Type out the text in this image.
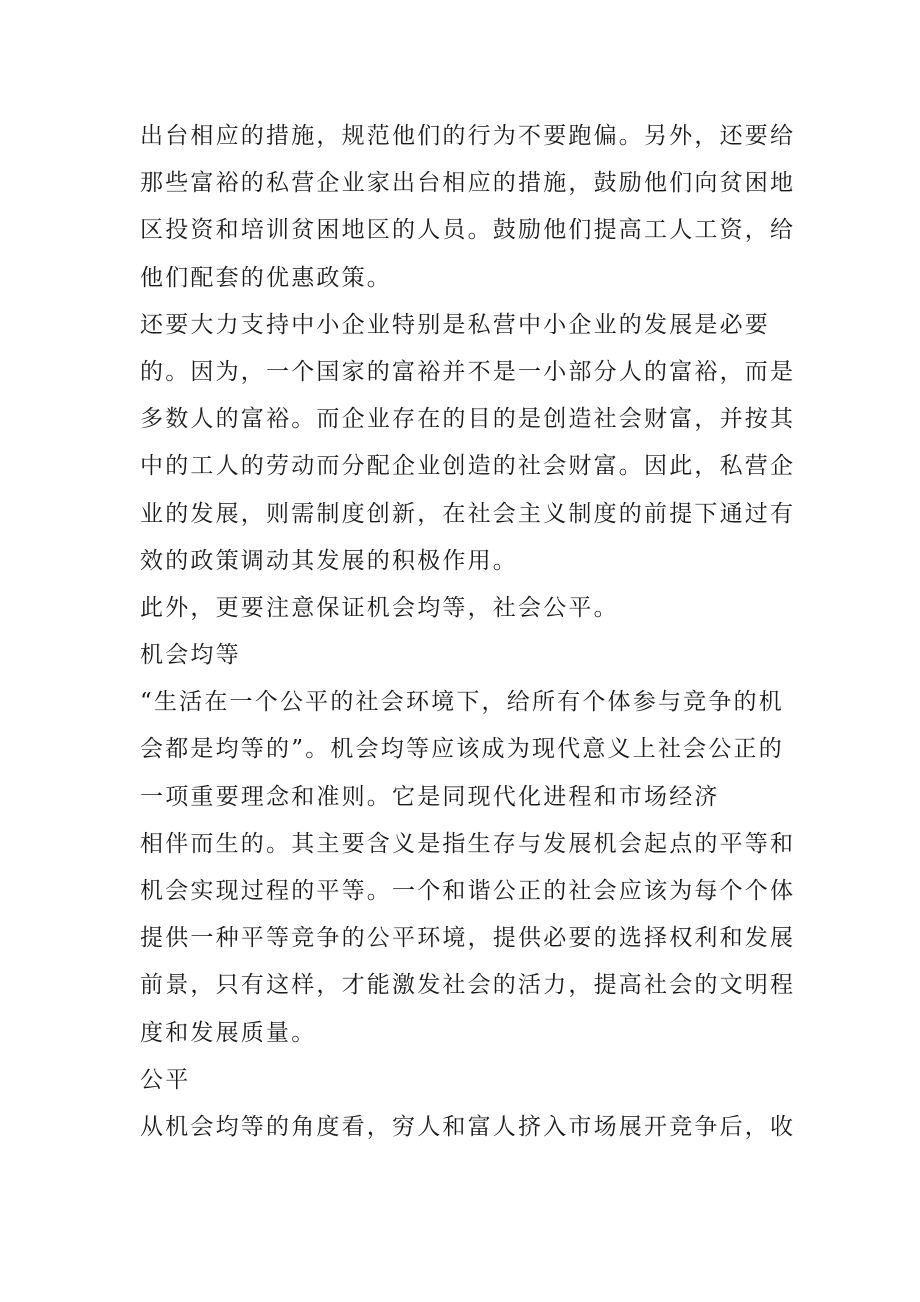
出台相应的措施，规范他们的行为不要跑偏。另外，还要给
那些富裕的私营企业家出台相应的措施，鼓励他们向贫困地
区投资和培训贫困地区的人员。鼓励他们提高工人工资，给
他们配套的优惠政策。
还要大力支持中小企业特别是私营中小企业的发展是必要
的。因为，一个国家的富裕并不是一小部分人的富裕，而是
多数人的富裕。而企业存在的目的是创造社会财富，并按其
中的工人的劳动而分配企业创造的社会财富。因此，私营企
业的发展，则需制度创新，在社会主义制度的前提下通过有
效的政策调动其发展的积极作用。
此外，更要注意保证机会均等，社会公平。
机会均等
“生活在一个公平的社会环境下，给所有个体参与竞争的机
会都是均等的”。机会均等应该成为现代意义上社会公正的
一项重要理念和准则。它是同现代化进程和市场经济
相伴而生的。其主要含义是指生存与发展机会起点的平等和
机会实现过程的平等。一个和谐公正的社会应该为每个个体
提供一种平等竞争的公平环境，提供必要的选择权利和发展
前景，只有这样，才能激发社会的活力，提高社会的文明程
度和发展质量。
公平
从机会均等的角度看，穷人和富人挤入市场展开竞争后，收
